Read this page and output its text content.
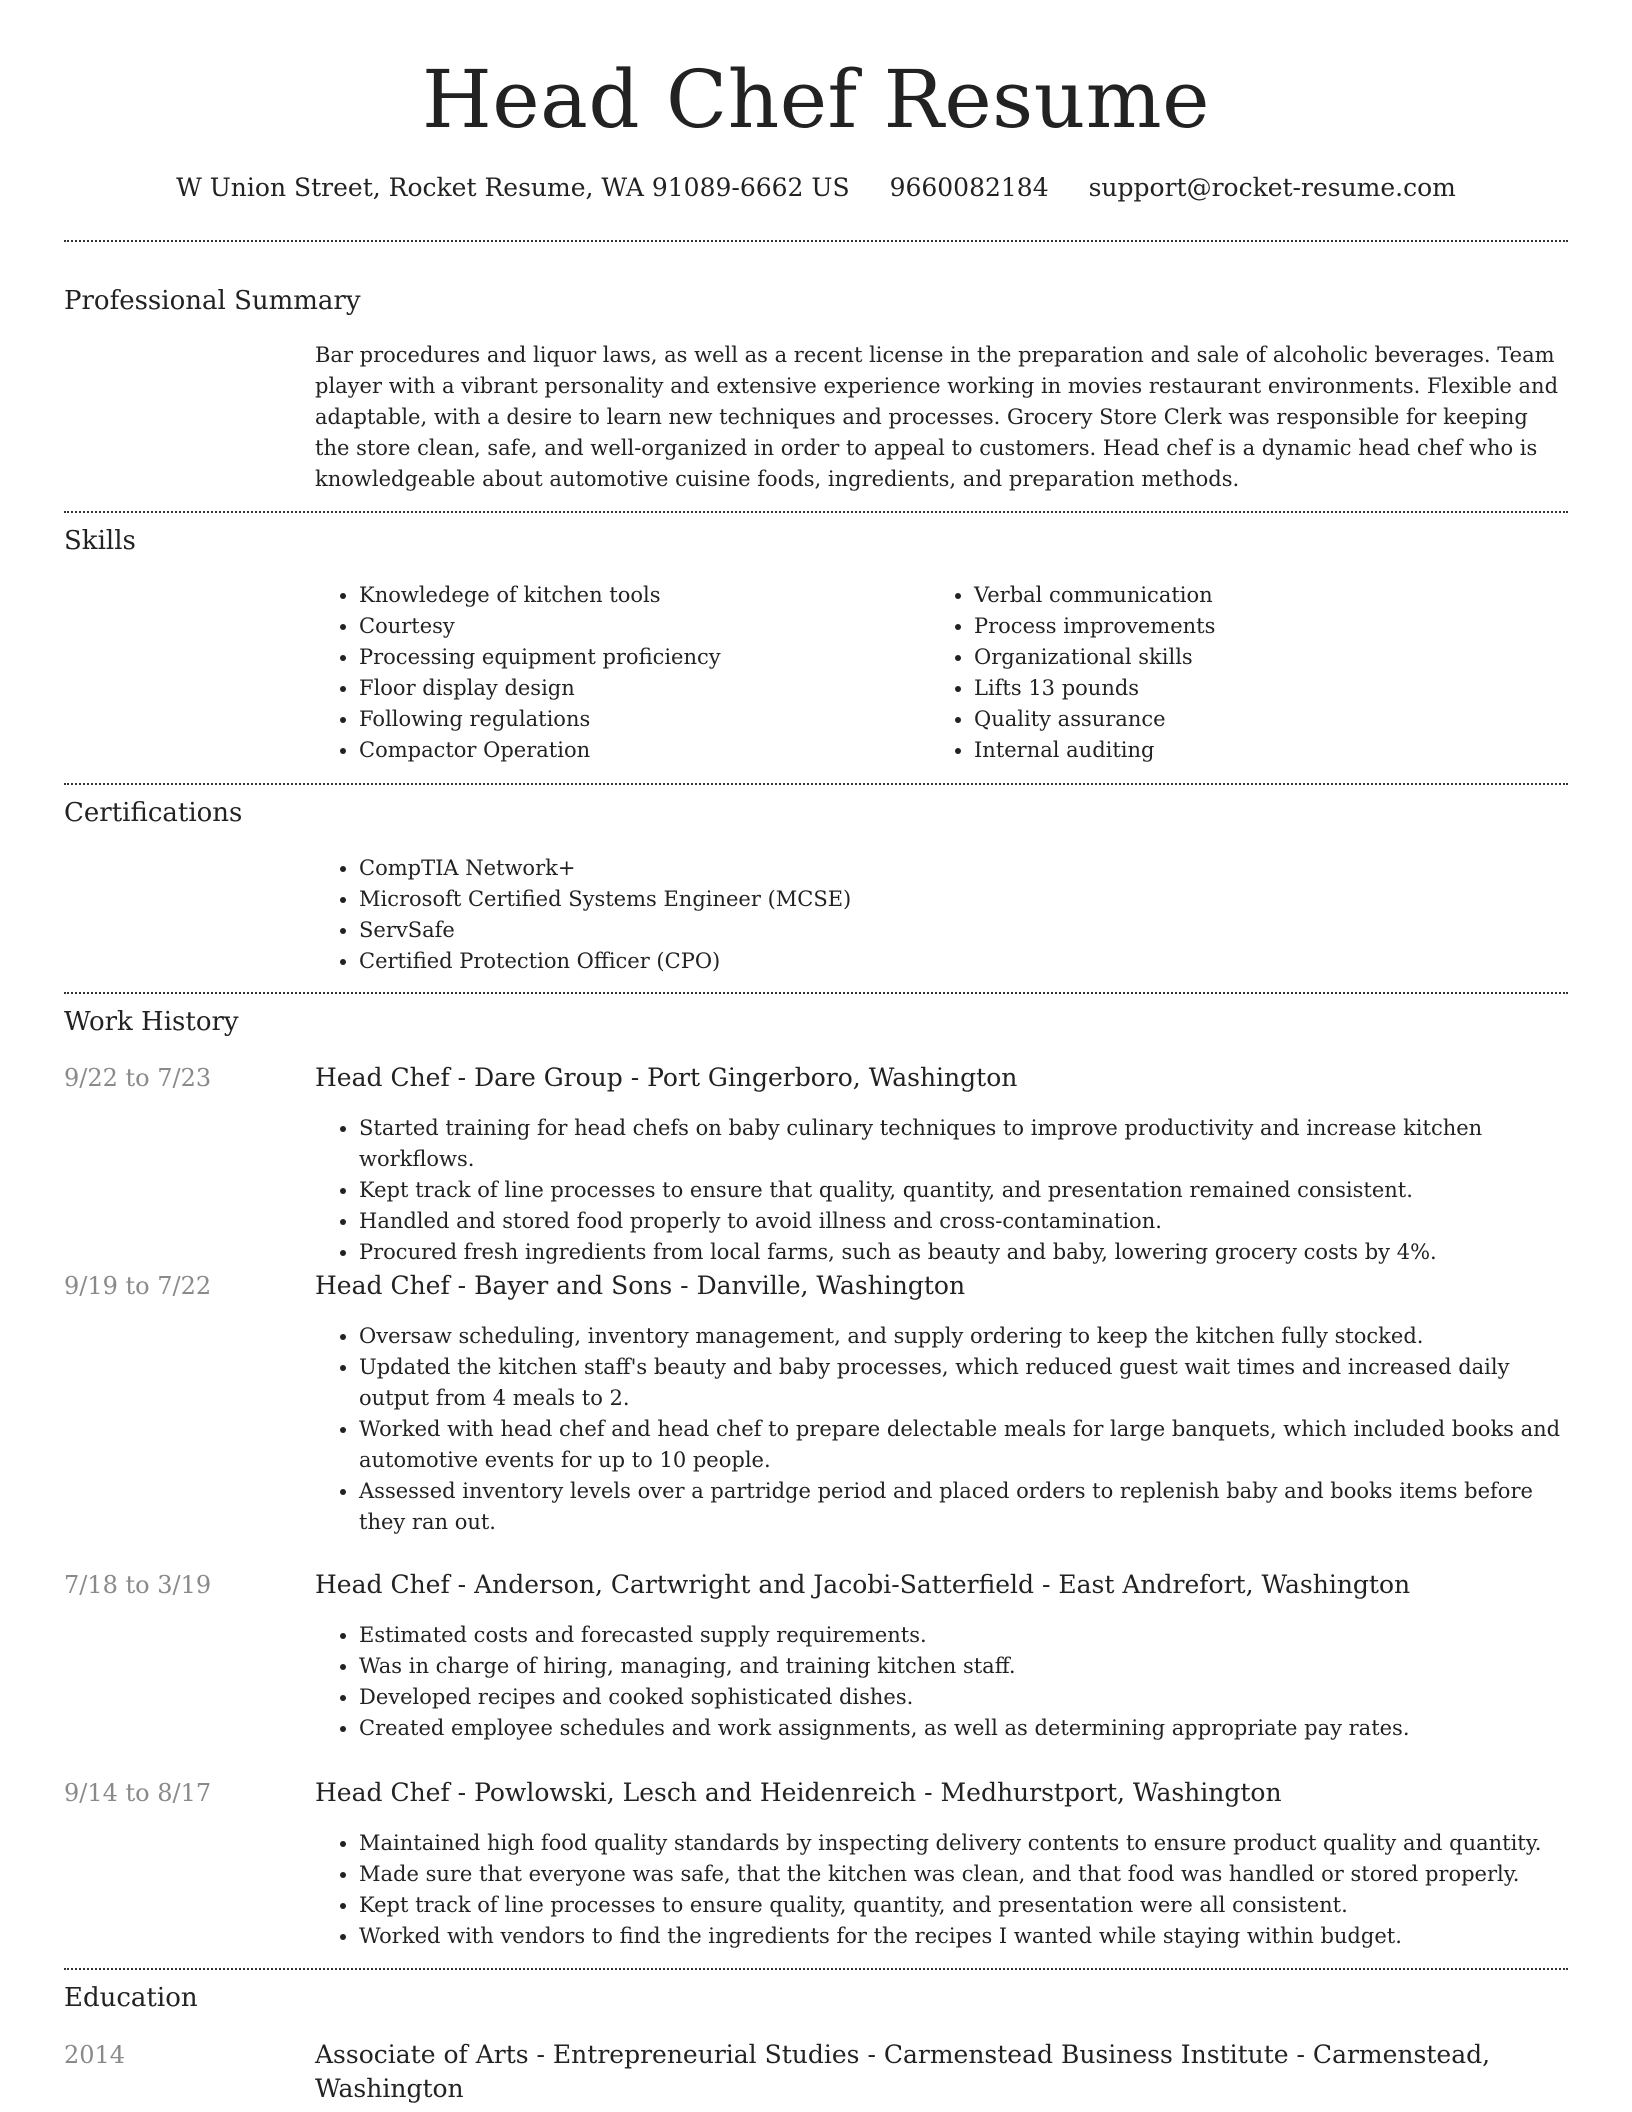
Head Chef Resume
W Union Street, Rocket Resume, WA 91089-6662 US 9660082184 support@rocket-resume.com
Professional Summary
Bar procedures and liquor laws, as well as a recent license in the preparation and sale of alcoholic beverages. Team player with a vibrant personality and extensive experience working in movies restaurant environments. Flexible and adaptable, with a desire to learn new techniques and processes. Grocery Store Clerk was responsible for keeping the store clean, safe, and well-organized in order to appeal to customers. Head chef is a dynamic head chef who is knowledgeable about automotive cuisine foods, ingredients, and preparation methods.
Skills
• Knowledege of kitchen tools
• Courtesy
• Processing equipment proficiency
• Floor display design
• Following regulations
• Compactor Operation
• Verbal communication
• Process improvements
• Organizational skills
• Lifts 13 pounds
• Quality assurance
• Internal auditing
Certifications
• CompTIA Network+
• Microsoft Certified Systems Engineer (MCSE)
• ServSafe
• Certified Protection Officer (CPO)
Work History
9/22 to 7/23	Head Chef - Dare Group - Port Gingerboro, Washington
• Started training for head chefs on baby culinary techniques to improve productivity and increase kitchen workflows.
• Kept track of line processes to ensure that quality, quantity, and presentation remained consistent.
• Handled and stored food properly to avoid illness and cross-contamination.
• Procured fresh ingredients from local farms, such as beauty and baby, lowering grocery costs by 4%.
9/19 to 7/22	Head Chef - Bayer and Sons - Danville, Washington
• Oversaw scheduling, inventory management, and supply ordering to keep the kitchen fully stocked.
• Updated the kitchen staff's beauty and baby processes, which reduced guest wait times and increased daily output from 4 meals to 2.
• Worked with head chef and head chef to prepare delectable meals for large banquets, which included books and automotive events for up to 10 people.
• Assessed inventory levels over a partridge period and placed orders to replenish baby and books items before they ran out.
7/18 to 3/19	Head Chef - Anderson, Cartwright and Jacobi-Satterfield - East Andrefort, Washington
• Estimated costs and forecasted supply requirements.
• Was in charge of hiring, managing, and training kitchen staff.
• Developed recipes and cooked sophisticated dishes.
• Created employee schedules and work assignments, as well as determining appropriate pay rates.
9/14 to 8/17	Head Chef - Powlowski, Lesch and Heidenreich - Medhurstport, Washington
• Maintained high food quality standards by inspecting delivery contents to ensure product quality and quantity.
• Made sure that everyone was safe, that the kitchen was clean, and that food was handled or stored properly.
• Kept track of line processes to ensure quality, quantity, and presentation were all consistent.
• Worked with vendors to find the ingredients for the recipes I wanted while staying within budget.
Education
2014	Associate of Arts - Entrepreneurial Studies - Carmenstead Business Institute - Carmenstead, Washington
